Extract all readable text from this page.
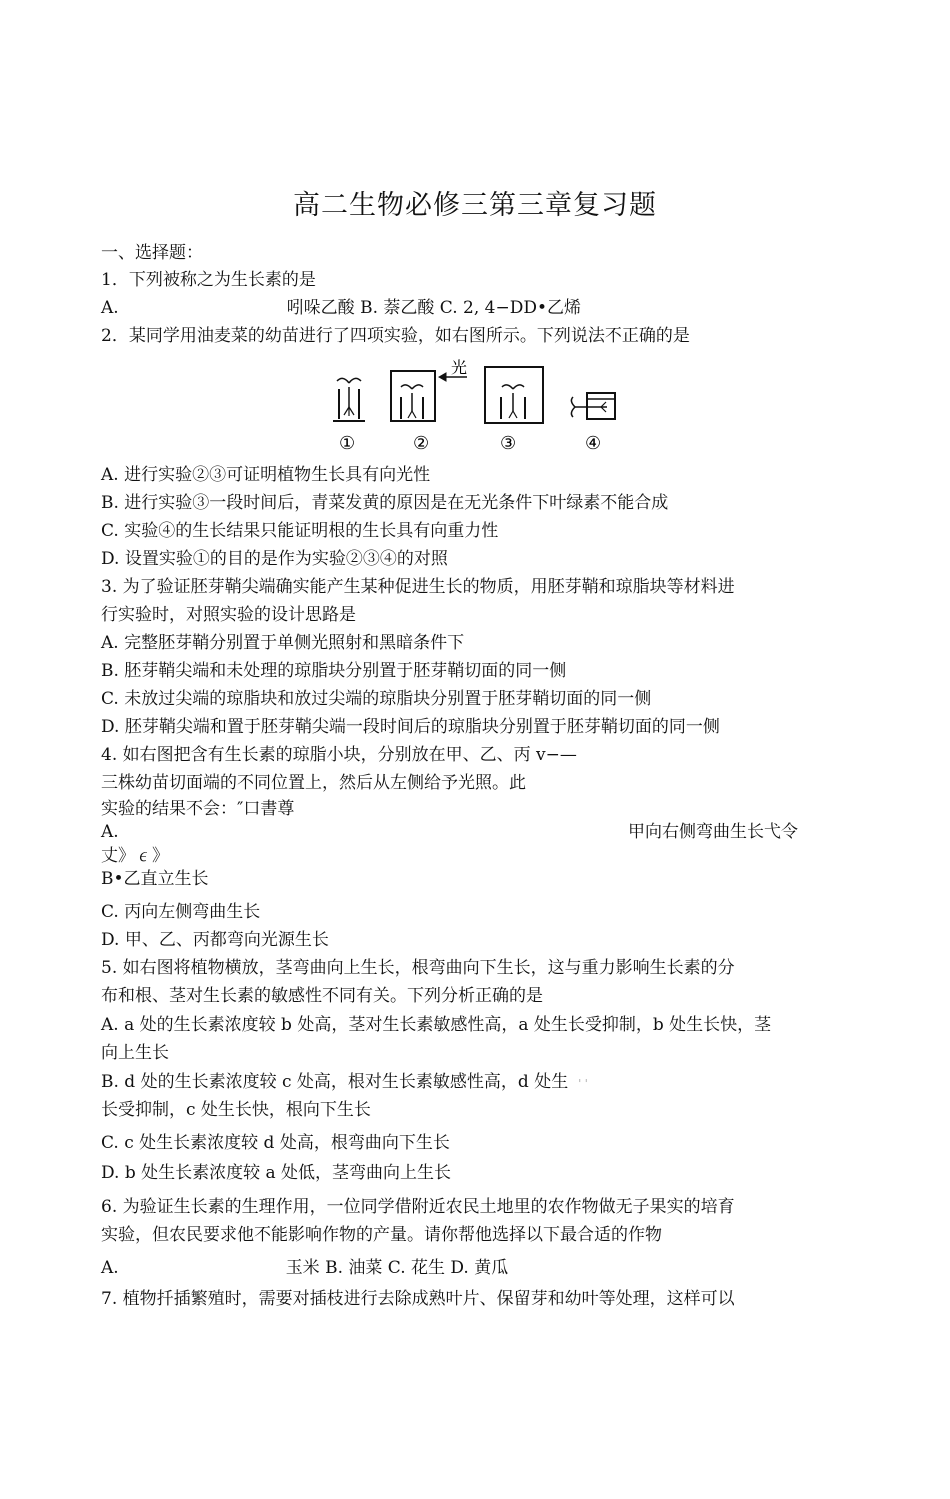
高二生物必修三第三章复习题
一、选择题：
1．下列被称之为生长素的是
A.	吲哚乙酸 B. 萘乙酸 C. 2, 4−DD•乙烯
2．某同学用油麦菜的幼苗进行了四项实验，如右图所示。下列说法不正确的是
光
①	②	③	④
A. 进行实验②③可证明植物生长具有向光性
B. 进行实验③一段时间后，青菜发黄的原因是在无光条件下叶绿素不能合成
C. 实验④的生长结果只能证明根的生长具有向重力性
D. 设置实验①的目的是作为实验②③④的对照
3. 为了验证胚芽鞘尖端确实能产生某种促进生长的物质，用胚芽鞘和琼脂块等材料进
行实验时，对照实验的设计思路是
A. 完整胚芽鞘分别置于单侧光照射和黑暗条件下
B. 胚芽鞘尖端和未处理的琼脂块分别置于胚芽鞘切面的同一侧
C. 未放过尖端的琼脂块和放过尖端的琼脂块分别置于胚芽鞘切面的同一侧
D. 胚芽鞘尖端和置于胚芽鞘尖端一段时间后的琼脂块分别置于胚芽鞘切面的同一侧
4. 如右图把含有生长素的琼脂小块，分别放在甲、乙、丙 v−—
三株幼苗切面端的不同位置上，然后从左侧给予光照。此
实验的结果不会：″口書尊
A.	甲向右侧弯曲生长弋令
丈》∊》
B•乙直立生长
C. 丙向左侧弯曲生长
D. 甲、乙、丙都弯向光源生长
5. 如右图将植物横放，茎弯曲向上生长，根弯曲向下生长，这与重力影响生长素的分
布和根、茎对生长素的敏感性不同有关。下列分析正确的是
A. a 处的生长素浓度较 b 处高，茎对生长素敏感性高，a 处生长受抑制，b 处生长快，茎
向上生长
B. d 处的生长素浓度较 c 处高，根对生长素敏感性高，d 处生 ' '
长受抑制，c 处生长快，根向下生长
C. c 处生长素浓度较 d 处高，根弯曲向下生长
D. b 处生长素浓度较 a 处低，茎弯曲向上生长
6. 为验证生长素的生理作用，一位同学借附近农民土地里的农作物做无子果实的培育
实验，但农民要求他不能影响作物的产量。请你帮他选择以下最合适的作物
A.	玉米 B. 油菜 C. 花生 D. 黄瓜
7. 植物扦插繁殖时，需要对插枝进行去除成熟叶片、保留芽和幼叶等处理，这样可以
